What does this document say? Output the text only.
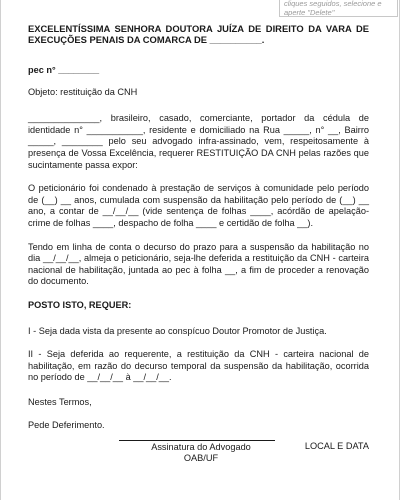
cliques seguidos, selecione e aperte "Delete"

EXCELENTÍSSIMA SENHORA DOUTORA JUÍZA DE DIREITO DA VARA DE EXECUÇÕES PENAIS DA COMARCA DE __________.

pec n° ________

Objeto: restituição da CNH

______________, brasileiro, casado, comerciante, portador da cédula de identidade n° ___________, residente e domiciliado na Rua _____, n° __, Bairro _____, ________ pelo seu advogado infra-assinado, vem, respeitosamente à presença de Vossa Excelência, requerer RESTITUIÇÃO DA CNH pelas razões que sucintamente passa expor:

O peticionário foi condenado à prestação de serviços à comunidade pelo período de (__) __ anos, cumulada com suspensão da habilitação pelo período de (__) __ ano, a contar de __/__/__ (vide sentença de folhas ____, acórdão de apelação-crime de folhas ____, despacho de folha ____ e certidão de folha __).

Tendo em linha de conta o decurso do prazo para a suspensão da habilitação no dia __/__/__, almeja o peticionário, seja-lhe deferida a restituição da CNH - carteira nacional de habilitação, juntada ao pec à folha __, a fim de proceder a renovação do documento.

POSTO ISTO, REQUER:

I - Seja dada vista da presente ao conspícuo Doutor Promotor de Justiça.

II - Seja deferida ao requerente, a restituição da CNH - carteira nacional de habilitação, em razão do decurso temporal da suspensão da habilitação, ocorrida no período de __/__/__ à __/__/__.

Nestes Termos,

Pede Deferimento.

LOCAL E DATA

Assinatura do Advogado
OAB/UF
